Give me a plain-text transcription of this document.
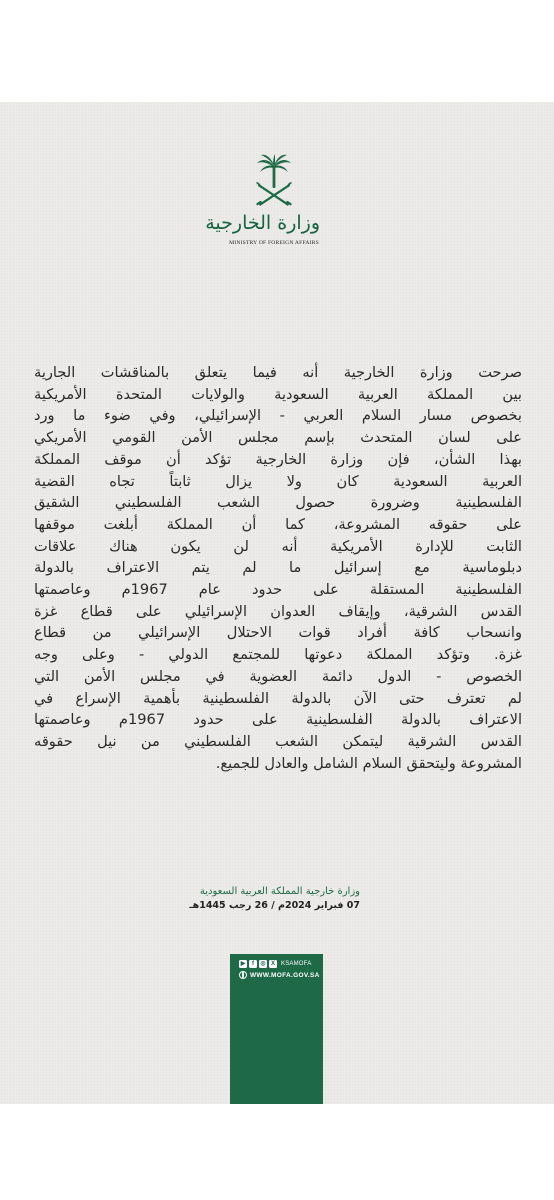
وزارة الخارجية
MINISTRY OF FOREIGN AFFAIRS
صرحت وزارة الخارجية أنه فيما يتعلق بالمناقشات الجارية
بين المملكة العربية السعودية والولايات المتحدة الأمريكية
بخصوص مسار السلام العربي - الإسرائيلي، وفي ضوء ما ورد
على لسان المتحدث بإسم مجلس الأمن القومي الأمريكي
بهذا الشأن، فإن وزارة الخارجية تؤكد أن موقف المملكة
العربية السعودية كان ولا يزال ثابتاً تجاه القضية
الفلسطينية وضرورة حصول الشعب الفلسطيني الشقيق
على حقوقه المشروعة، كما أن المملكة أبلغت موقفها
الثابت للإدارة الأمريكية أنه لن يكون هناك علاقات
دبلوماسية مع إسرائيل ما لم يتم الاعتراف بالدولة
الفلسطينية المستقلة على حدود عام 1967م وعاصمتها
القدس الشرقية، وإيقاف العدوان الإسرائيلي على قطاع غزة
وانسحاب كافة أفراد قوات الاحتلال الإسرائيلي من قطاع
غزة. وتؤكد المملكة دعوتها للمجتمع الدولي - وعلى وجه
الخصوص - الدول دائمة العضوية في مجلس الأمن التي
لم تعترف حتى الآن بالدولة الفلسطينية بأهمية الإسراع في
الاعتراف بالدولة الفلسطينية على حدود 1967م وعاصمتها
القدس الشرقية ليتمكن الشعب الفلسطيني من نيل حقوقه
المشروعة وليتحقق السلام الشامل والعادل للجميع.
وزارة خارجية المملكة العربية السعودية
07 فبراير 2024م / 26 رجب 1445هـ
▶	f	◎ X	KSAMOFA
WWW.MOFA.GOV.SA
